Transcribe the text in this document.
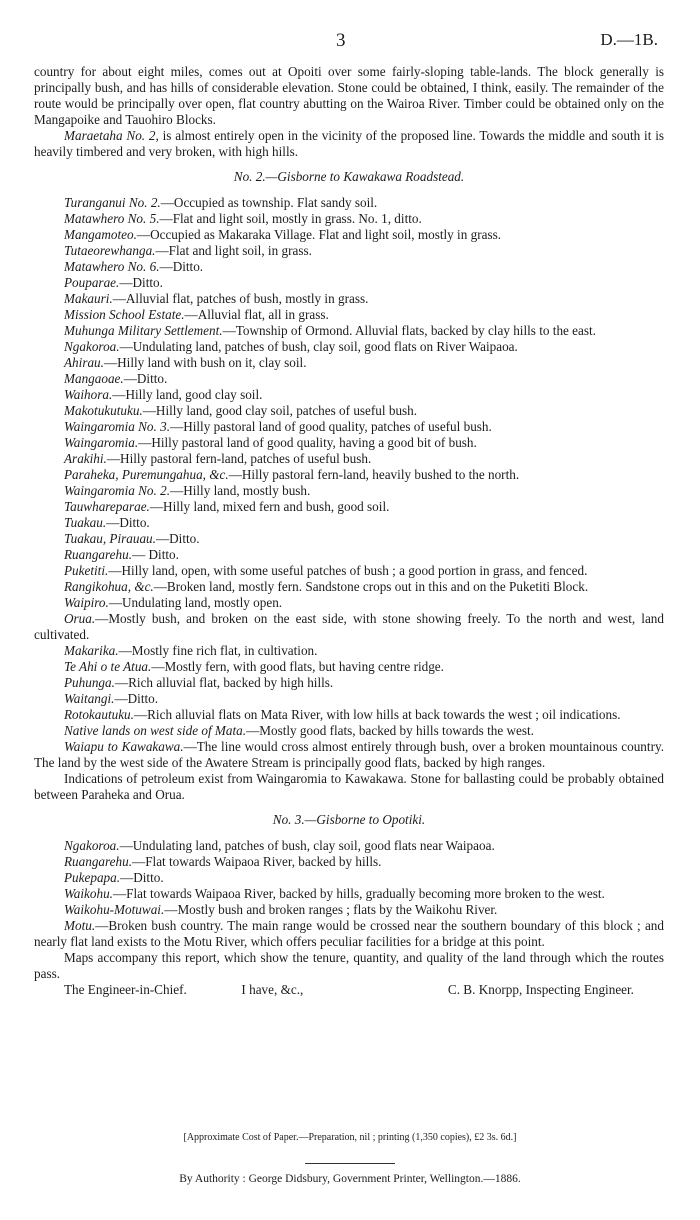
3	D.—1B.

country for about eight miles, comes out at Opoiti over some fairly-sloping table-lands. The block generally is principally bush, and has hills of considerable elevation. Stone could be obtained, I think, easily. The remainder of the route would be principally over open, flat country abutting on the Wairoa River. Timber could be obtained only on the Mangapoike and Tauohiro Blocks.

Maraetaha No. 2, is almost entirely open in the vicinity of the proposed line. Towards the middle and south it is heavily timbered and very broken, with high hills.

No. 2.—Gisborne to Kawakawa Roadstead.

Turanganui No. 2.—Occupied as township. Flat sandy soil.

Matawhero No. 5.—Flat and light soil, mostly in grass. No. 1, ditto.

Mangamoteo.—Occupied as Makaraka Village. Flat and light soil, mostly in grass.

Tutaeorewhanga.—Flat and light soil, in grass.

Matawhero No. 6.—Ditto.

Pouparae.—Ditto.

Makauri.—Alluvial flat, patches of bush, mostly in grass.

Mission School Estate.—Alluvial flat, all in grass.

Muhunga Military Settlement.—Township of Ormond. Alluvial flats, backed by clay hills to the east.

Ngakoroa.—Undulating land, patches of bush, clay soil, good flats on River Waipaoa.

Ahirau.—Hilly land with bush on it, clay soil.

Mangaoae.—Ditto.

Waihora.—Hilly land, good clay soil.

Makotukutuku.—Hilly land, good clay soil, patches of useful bush.

Waingaromia No. 3.—Hilly pastoral land of good quality, patches of useful bush.

Waingaromia.—Hilly pastoral land of good quality, having a good bit of bush.

Arakihi.—Hilly pastoral fern-land, patches of useful bush.

Paraheka, Puremungahua, &c.—Hilly pastoral fern-land, heavily bushed to the north.

Waingaromia No. 2.—Hilly land, mostly bush.

Tauwhareparae.—Hilly land, mixed fern and bush, good soil.

Tuakau.—Ditto.

Tuakau, Pirauau.—Ditto.

Ruangarehu.— Ditto.

Puketiti.—Hilly land, open, with some useful patches of bush ; a good portion in grass, and fenced.

Rangikohua, &c.—Broken land, mostly fern. Sandstone crops out in this and on the Puketiti Block.

Waipiro.—Undulating land, mostly open.

Orua.—Mostly bush, and broken on the east side, with stone showing freely. To the north and west, land cultivated.

Makarika.—Mostly fine rich flat, in cultivation.

Te Ahi o te Atua.—Mostly fern, with good flats, but having centre ridge.

Puhunga.—Rich alluvial flat, backed by high hills.

Waitangi.—Ditto.

Rotokautuku.—Rich alluvial flats on Mata River, with low hills at back towards the west ; oil indications.

Native lands on west side of Mata.—Mostly good flats, backed by hills towards the west.

Waiapu to Kawakawa.—The line would cross almost entirely through bush, over a broken mountainous country. The land by the west side of the Awatere Stream is principally good flats, backed by high ranges.

Indications of petroleum exist from Waingaromia to Kawakawa. Stone for ballasting could be probably obtained between Paraheka and Orua.

No. 3.—Gisborne to Opotiki.

Ngakoroa.—Undulating land, patches of bush, clay soil, good flats near Waipaoa.

Ruangarehu.—Flat towards Waipaoa River, backed by hills.

Pukepapa.—Ditto.

Waikohu.—Flat towards Waipaoa River, backed by hills, gradually becoming more broken to the west.

Waikohu-Motuwai.—Mostly bush and broken ranges ; flats by the Waikohu River.

Motu.—Broken bush country. The main range would be crossed near the southern boundary of this block ; and nearly flat land exists to the Motu River, which offers peculiar facilities for a bridge at this point.

Maps accompany this report, which show the tenure, quantity, and quality of the land through which the routes pass.

The Engineer-in-Chief.	I have, &c.,	C. B. Knorpp, Inspecting Engineer.
[Approximate Cost of Paper.—Preparation, nil ; printing (1,350 copies), £2 3s. 6d.]
By Authority : George Didsbury, Government Printer, Wellington.—1886.
